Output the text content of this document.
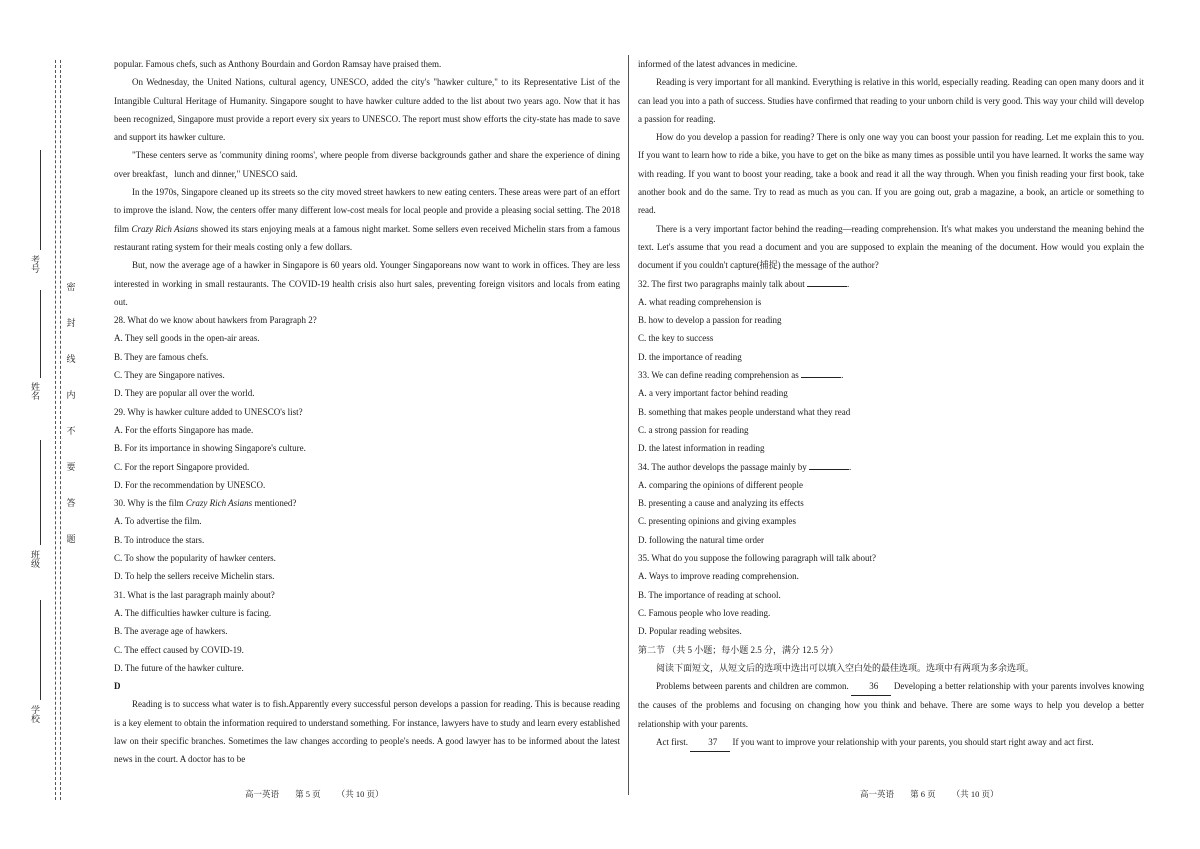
考号
姓名
班级
学校
密
封
线
内
不
要
答
题

popular. Famous chefs, such as Anthony Bourdain and Gordon Ramsay have praised them.

On Wednesday, the United Nations, cultural agency, UNESCO, added the city's "hawker culture," to its Representative List of the Intangible Cultural Heritage of Humanity. Singapore sought to have hawker culture added to the list about two years ago. Now that it has been recognized, Singapore must provide a report every six years to UNESCO. The report must show efforts the city-state has made to save and support its hawker culture.

"These centers serve as 'community dining rooms', where people from diverse backgrounds gather and share the experience of dining over breakfast，lunch and dinner," UNESCO said.

In the 1970s, Singapore cleaned up its streets so the city moved street hawkers to new eating centers. These areas were part of an effort to improve the island. Now, the centers offer many different low-cost meals for local people and provide a pleasing social setting. The 2018 film Crazy Rich Asians showed its stars enjoying meals at a famous night market. Some sellers even received Michelin stars from a famous restaurant rating system for their meals costing only a few dollars.

But, now the average age of a hawker in Singapore is 60 years old. Younger Singaporeans now want to work in offices. They are less interested in working in small restaurants. The COVID-19 health crisis also hurt sales, preventing foreign visitors and locals from eating out.

28. What do we know about hawkers from Paragraph 2?

A. They sell goods in the open-air areas.

B. They are famous chefs.

C. They are Singapore natives.

D. They are popular all over the world.

29. Why is hawker culture added to UNESCO's list?

A. For the efforts Singapore has made.

B. For its importance in showing Singapore's culture.

C. For the report Singapore provided.

D. For the recommendation by UNESCO.

30. Why is the film Crazy Rich Asians mentioned?

A. To advertise the film.

B. To introduce the stars.

C. To show the popularity of hawker centers.

D. To help the sellers receive Michelin stars.

31. What is the last paragraph mainly about?

A. The difficulties hawker culture is facing.

B. The average age of hawkers.

C. The effect caused by COVID-19.

D. The future of the hawker culture.

D

Reading is to success what water is to fish.Apparently every successful person develops a passion for reading. This is because reading is a key element to obtain the information required to understand something. For instance, lawyers have to study and learn every established law on their specific branches. Sometimes the law changes according to people's needs. A good lawyer has to be informed about the latest news in the court. A doctor has to be

informed of the latest advances in medicine.

Reading is very important for all mankind. Everything is relative in this world, especially reading. Reading can open many doors and it can lead you into a path of success. Studies have confirmed that reading to your unborn child is very good. This way your child will develop a passion for reading.

How do you develop a passion for reading? There is only one way you can boost your passion for reading. Let me explain this to you. If you want to learn how to ride a bike, you have to get on the bike as many times as possible until you have learned. It works the same way with reading. If you want to boost your reading, take a book and read it all the way through. When you finish reading your first book, take another book and do the same. Try to read as much as you can. If you are going out, grab a magazine, a book, an article or something to read.

There is a very important factor behind the reading—reading comprehension. It's what makes you understand the meaning behind the text. Let's assume that you read a document and you are supposed to explain the meaning of the document. How would you explain the document if you couldn't capture(捕捉) the message of the author?

32. The first two paragraphs mainly talk about	.

A. what reading comprehension is

B. how to develop a passion for reading

C. the key to success

D. the importance of reading

33. We can define reading comprehension as	.

A. a very important factor behind reading

B. something that makes people understand what they read

C. a strong passion for reading

D. the latest information in reading

34. The author develops the passage mainly by	.

A. comparing the opinions of different people

B. presenting a cause and analyzing its effects

C. presenting opinions and giving examples

D. following the natural time order

35. What do you suppose the following paragraph will talk about?

A. Ways to improve reading comprehension.

B. The importance of reading at school.

C. Famous people who love reading.

D. Popular reading websites.

第二节 （共 5 小题；每小题 2.5 分，满分 12.5 分）

阅读下面短文，从短文后的选项中选出可以填入空白处的最佳选项。选项中有两项为多余选项。

Problems between parents and children are common. 36 Developing a better relationship with your parents involves knowing the causes of the problems and focusing on changing how you think and behave. There are some ways to help you develop a better relationship with your parents.

Act first. 37 If you want to improve your relationship with your parents, you should start right away and act first.

高一英语 第 5 页 （共 10 页）	高一英语 第 6 页 （共 10 页）
